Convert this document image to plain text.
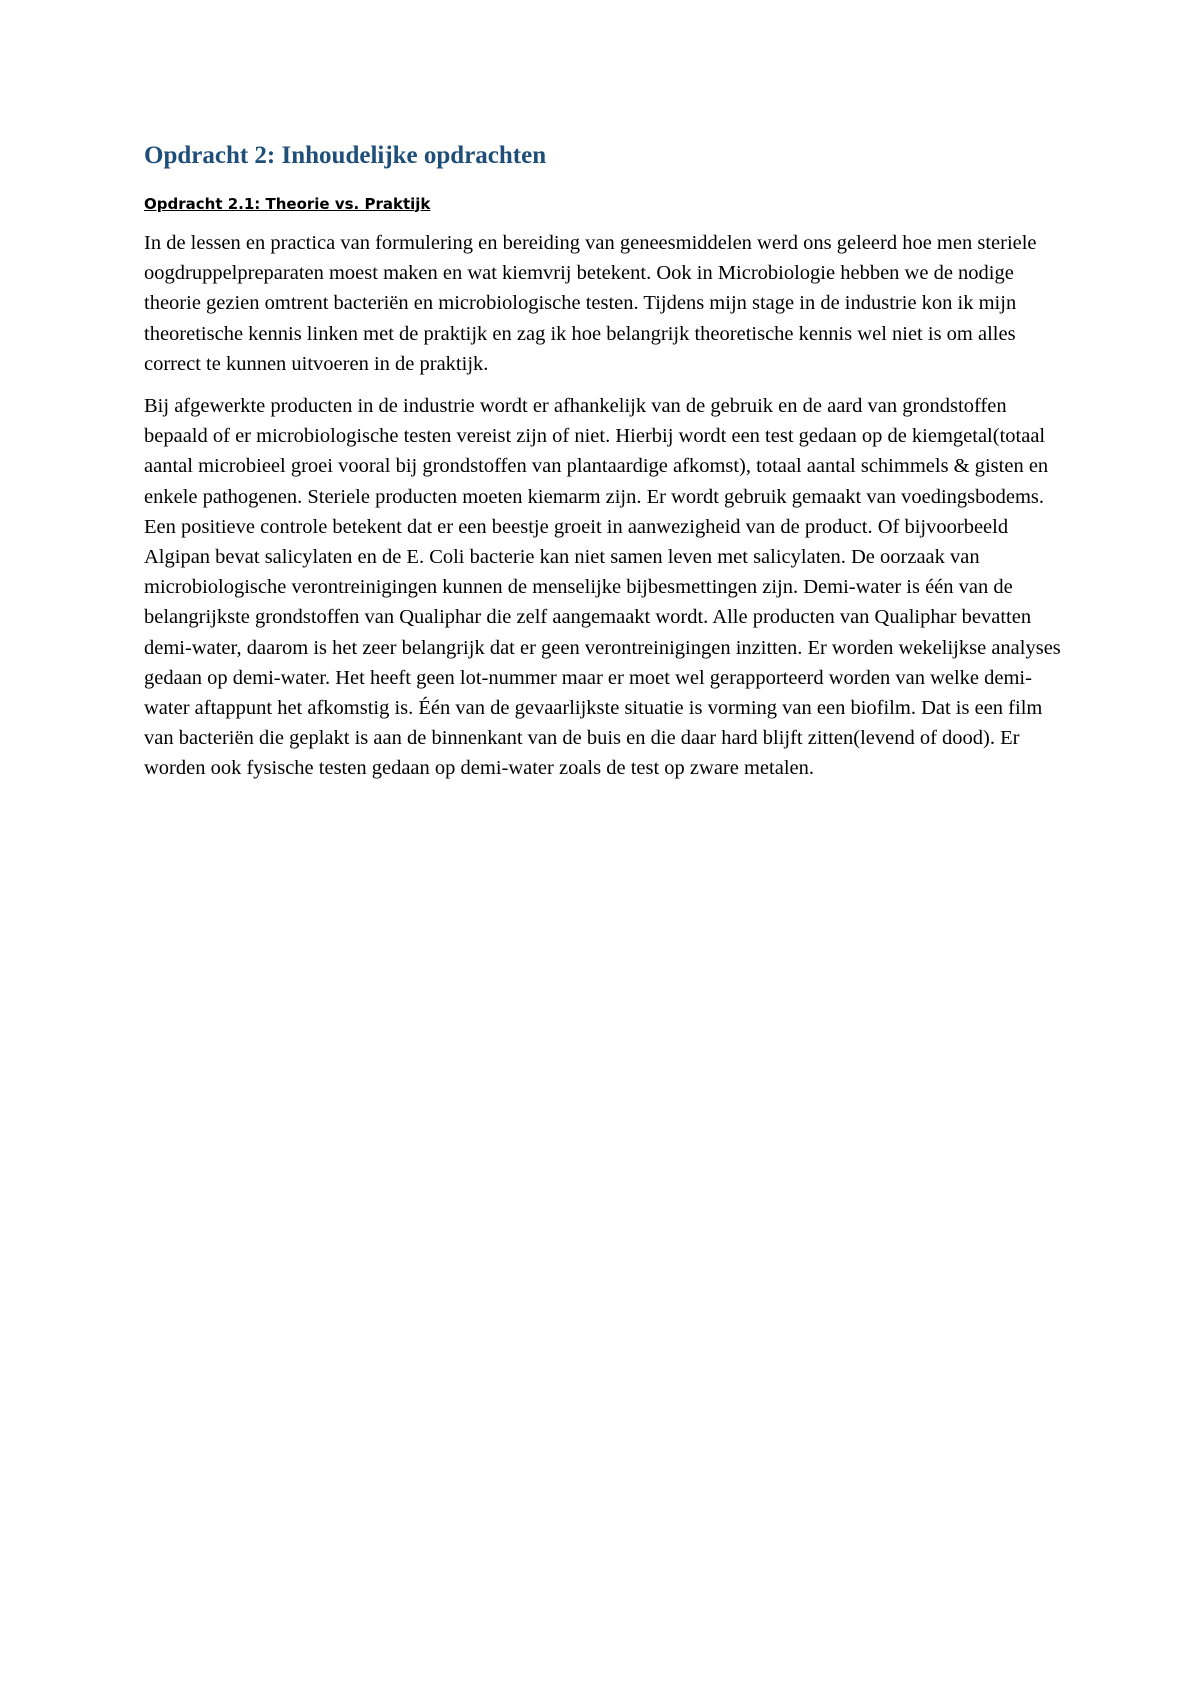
Opdracht 2: Inhoudelijke opdrachten
Opdracht 2.1: Theorie vs. Praktijk

In de lessen en practica van formulering en bereiding van geneesmiddelen werd ons geleerd hoe men steriele oogdruppelpreparaten moest maken en wat kiemvrij betekent. Ook in Microbiologie hebben we de nodige theorie gezien omtrent bacteriën en microbiologische testen. Tijdens mijn stage in de industrie kon ik mijn theoretische kennis linken met de praktijk en zag ik hoe belangrijk theoretische kennis wel niet is om alles correct te kunnen uitvoeren in de praktijk.

Bij afgewerkte producten in de industrie wordt er afhankelijk van de gebruik en de aard van grondstoffen bepaald of er microbiologische testen vereist zijn of niet. Hierbij wordt een test gedaan op de kiemgetal(totaal aantal microbieel groei vooral bij grondstoffen van plantaardige afkomst), totaal aantal schimmels & gisten en enkele pathogenen. Steriele producten moeten kiemarm zijn. Er wordt gebruik gemaakt van voedingsbodems. Een positieve controle betekent dat er een beestje groeit in aanwezigheid van de product. Of bijvoorbeeld Algipan bevat salicylaten en de E. Coli bacterie kan niet samen leven met salicylaten. De oorzaak van microbiologische verontreinigingen kunnen de menselijke bijbesmettingen zijn. Demi-water is één van de belangrijkste grondstoffen van Qualiphar die zelf aangemaakt wordt. Alle producten van Qualiphar bevatten demi-water, daarom is het zeer belangrijk dat er geen verontreinigingen inzitten. Er worden wekelijkse analyses gedaan op demi-water. Het heeft geen lot-nummer maar er moet wel gerapporteerd worden van welke demi-water aftappunt het afkomstig is. Één van de gevaarlijkste situatie is vorming van een biofilm. Dat is een film van bacteriën die geplakt is aan de binnenkant van de buis en die daar hard blijft zitten(levend of dood). Er worden ook fysische testen gedaan op demi-water zoals de test op zware metalen.
